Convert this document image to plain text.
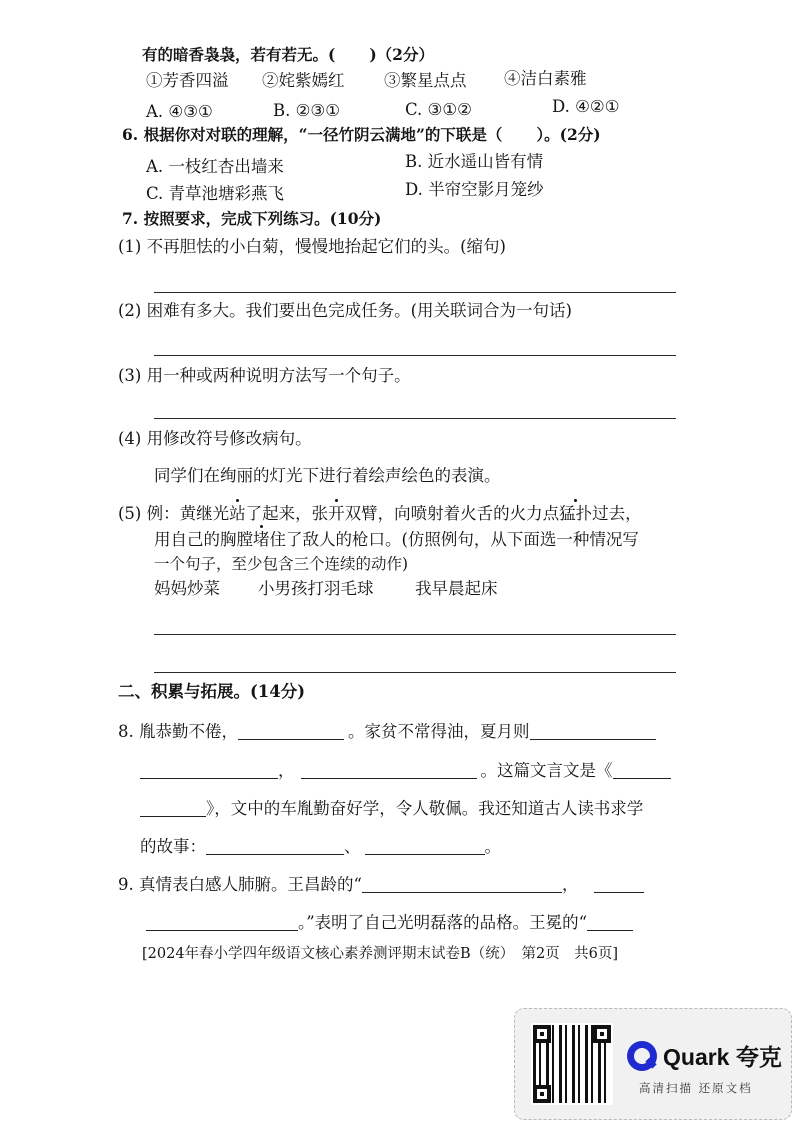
有的暗香袅袅，若有若无。( )（2分）
①芳香四溢 ②姹紫嫣红 ③繁星点点 ④洁白素雅
A. ④③①	B. ②③①	C. ③①②	D. ④②①
6. 根据你对对联的理解，“一径竹阴云满地”的下联是（ ）。(2分)
A. 一枝红杏出墙来	B. 近水遥山皆有情
C. 青草池塘彩燕飞	D. 半帘空影月笼纱
7. 按照要求，完成下列练习。(10分)
(1) 不再胆怯的小白菊，慢慢地抬起它们的头。(缩句)
(2) 困难有多大。我们要出色完成任务。(用关联词合为一句话)
(3) 用一种或两种说明方法写一个句子。
(4) 用修改符号修改病句。
同学们在绚丽的灯光下进行着绘声绘色的表演。
(5) 例：黄继光站了起来，张开双臂，向喷射着火舌的火力点猛扑过去，
用自己的胸膛堵住了敌人的枪口。(仿照例句，从下面选一种情况写
一个句子，至少包含三个连续的动作)
妈妈炒菜 小男孩打羽毛球	我早晨起床
二、积累与拓展。(14分)
8. 胤恭勤不倦，	。家贫不常得油，夏月则
，	。这篇文言文是《
》，文中的车胤勤奋好学，令人敬佩。我还知道古人读书求学
的故事：	、	。
9. 真情表白感人肺腑。王昌龄的“	，
。”表明了自己光明磊落的品格。王冕的“
[2024年春小学四年级语文核心素养测评期末试卷B（统）　第2页　共6页]
Quark 夸克
高清扫描 还原文档
